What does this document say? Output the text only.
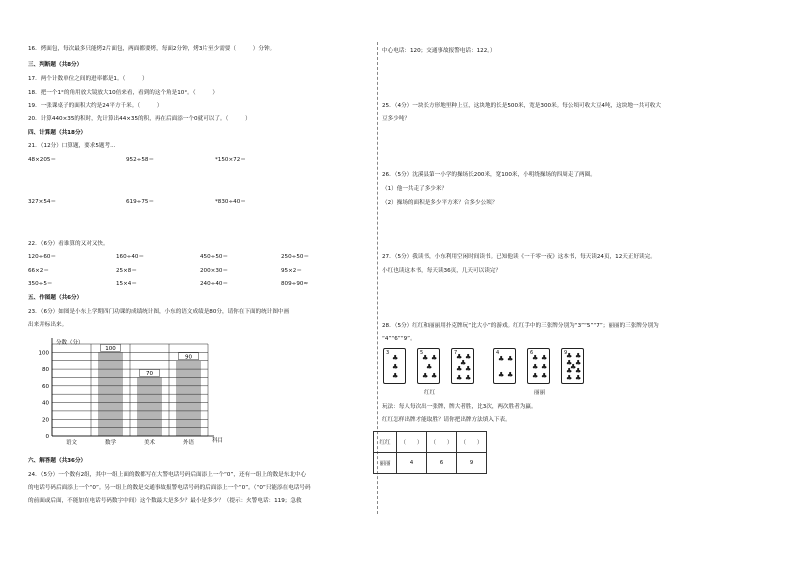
16．烤面包，每次最多只能烤2片面包，两面都要烤，每面2分钟，烤3片至少需要（　　　）分钟。
三、判断题（共8分）
17．两个计数单位之间的进率都是1。（　　　）
18．把一个1°的角用放大镜放大10倍来看，看到的这个角是10°。（　　　）
19．一张课桌子的面积大约是24平方千米。（　　　）
20．计算440×35的积时，先计算出44×35的积，再在后面添一个0就可以了。（　　　）
四、计算题（共18分）
21．（12分）口算题，要求5题考...
48×205＝	952÷58＝	*150×72＝
327×54＝	619÷75＝	*830÷40＝
22．（6分）看谁算的又对又快。
120÷60＝	160÷40＝	450÷50＝	250÷50＝
66×2＝	25×8＝	200×30＝	95×2＝
350÷5＝	15×4＝	240÷40＝	809÷90≈
五、作图题（共6分）
23．（6分）如图是小东上学期四门功课的成绩统计图，小东的语文成绩是80分，请你在下面的统计图中画
出来并标出来。
100
70
90
0
20
40
60
80
100
语文	数学	美术	外语
分数（分）
科目
六、解答题（共36分）
24．（5分）一个数有2组，其中一组上面的数都写在大警电话号码后面添上一个“0”，还有一组上的数是东北中心
的电话号码后面添上一个“0”。另一组上的数是交通事故报警电话号码的后面添上一个“0”。（“0”只能添在电话号码
的前面或后面，不能加在电话号码数字中间）这个数最大是多少？最小是多少？（提示：火警电话：119；急救
中心电话：120；交通事故报警电话：122。）
25．（4分）一块长方形地里种上豆，这块地的长是500米，宽是300米。每公顷可收大豆4吨，这块地一共可收大
豆多少吨？
26．（5分）沈溪县第一小学的操场长200米，宽100米，小明绕操场的四周走了两圈。
（1）他一共走了多少米？
（2）操场的面积是多少平方米？合多少公顷？
27．（5分）我读书，小东利用空闲时间读书。已知他读《一千零一夜》这本书，每天读24页，12天正好读完。
小红也读这本书，每天读36页，几天可以读完？
28．（5分）红红和丽丽用扑克牌玩“比大小”的游戏。红红手中的三张牌分别为“3”“5”“7”；丽丽的三张牌分别为
“4”“6”“9”。
3
♣
♣
♣
5
♣ ♣
♣
♣ ♣
7
♣ ♣
♣
♣ ♣
♣ ♣
4
♣ ♣
♣ ♣
6
♣ ♣
♣ ♣
♣ ♣
9
♣ ♣
♣ ♣
♣
♣ ♣
♣ ♣
红红	丽丽
玩法：每人每次出一张牌，牌大者胜，比3次，两次胜者为赢。
红红怎样出牌才能取胜？请你把出牌方法填入下表。
红红	（　　）	（　　）	（　　）
丽丽	4	6	9
